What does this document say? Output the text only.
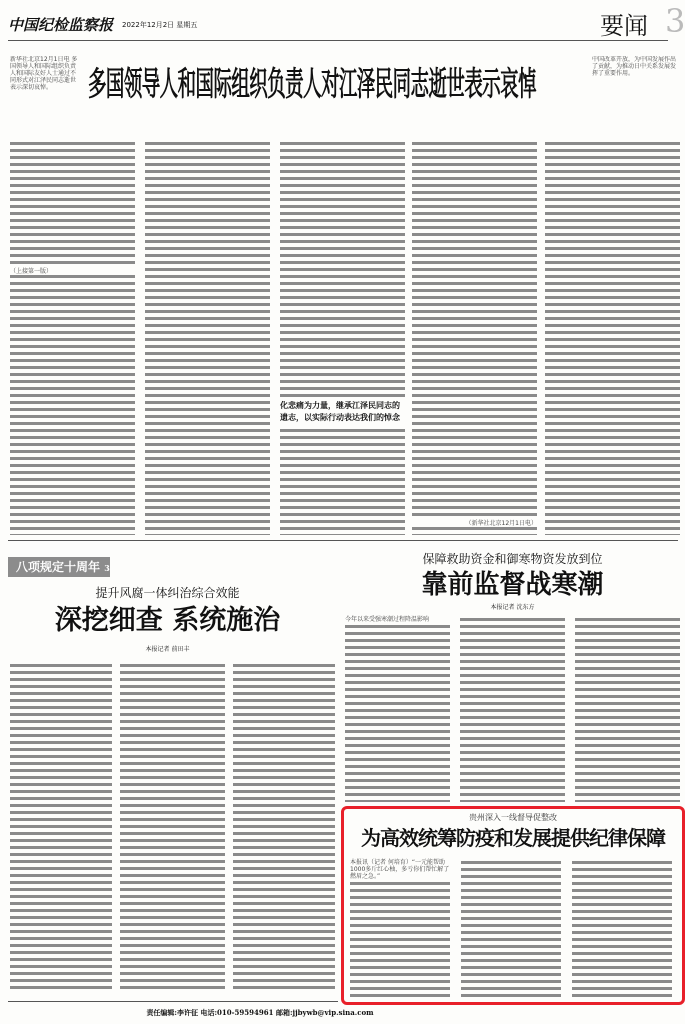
中国纪检监察报 2022年12月2日 星期五	要闻 3
新华社北京12月1日电 多国领导人和国际组织负责人和国际友好人士通过不同形式对江泽民同志逝世表示深切哀悼。	多国领导人和国际组织负责人对江泽民同志逝世表示哀悼
中国改革开放，为中国发展作出了贡献，为推动日中关系发展发挥了重要作用。
（上接第一版）
化悲痛为力量，继承江泽民同志的遗志，以实际行动表达我们的悼念
（新华社北京12月1日电）
八项规定十周年 3
提升风腐一体纠治综合效能
深挖细查 系统施治
本报记者 前田丰
保障救助资金和御寒物资发放到位
靠前监督战寒潮
本报记者 沈东方
今年以来受强寒潮过程降温影响
贵州深入一线督导促整改
为高效统筹防疫和发展提供纪律保障
本报讯（记者 何培育）“一元能帮助1000多斤红心柚，多亏你们帮忙解了燃眉之急。”
责任编辑:李许征 电话:010-59594961 邮箱:jjbywb@vip.sina.com
